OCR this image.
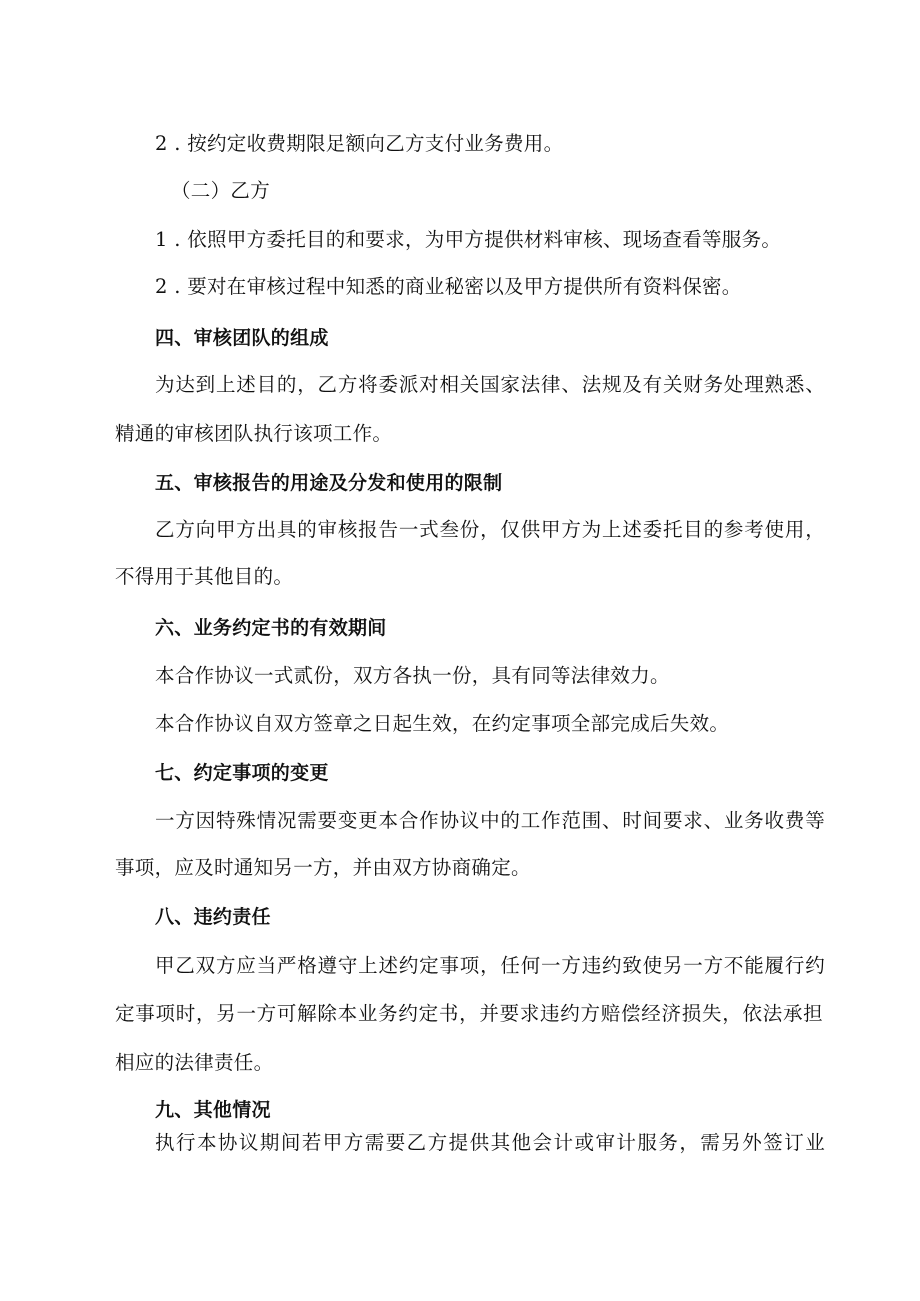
2 . 按约定收费期限足额向乙方支付业务费用。
（二）乙方
1 . 依照甲方委托目的和要求，为甲方提供材料审核、现场查看等服务。
2 . 要对在审核过程中知悉的商业秘密以及甲方提供所有资料保密。
四、审核团队的组成
为达到上述目的，乙方将委派对相关国家法律、法规及有关财务处理熟悉、
精通的审核团队执行该项工作。
五、审核报告的用途及分发和使用的限制
乙方向甲方出具的审核报告一式叁份，仅供甲方为上述委托目的参考使用，
不得用于其他目的。
六、业务约定书的有效期间
本合作协议一式贰份，双方各执一份，具有同等法律效力。
本合作协议自双方签章之日起生效，在约定事项全部完成后失效。
七、约定事项的变更
一方因特殊情况需要变更本合作协议中的工作范围、时间要求、业务收费等
事项，应及时通知另一方，并由双方协商确定。
八、违约责任
甲乙双方应当严格遵守上述约定事项，任何一方违约致使另一方不能履行约
定事项时，另一方可解除本业务约定书，并要求违约方赔偿经济损失，依法承担
相应的法律责任。
九、其他情况
执行本协议期间若甲方需要乙方提供其他会计或审计服务，需另外签订业
